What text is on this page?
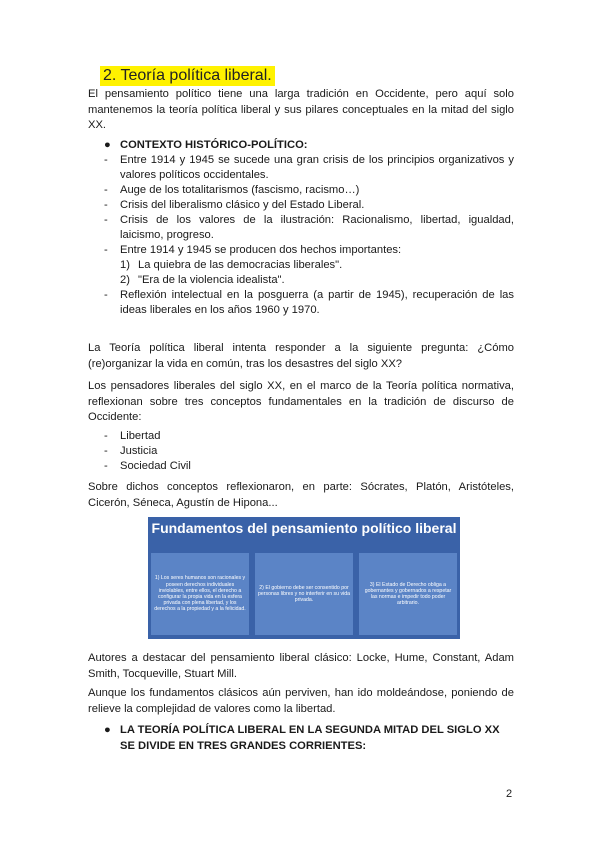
2. Teoría política liberal.
El pensamiento político tiene una larga tradición en Occidente, pero aquí solo mantenemos la teoría política liberal y sus pilares conceptuales en la mitad del siglo XX.
● CONTEXTO HISTÓRICO-POLÍTICO:
- Entre 1914 y 1945 se sucede una gran crisis de los principios organizativos y valores políticos occidentales.
- Auge de los totalitarismos (fascismo, racismo…)
- Crisis del liberalismo clásico y del Estado Liberal.
- Crisis de los valores de la ilustración: Racionalismo, libertad, igualdad, laicismo, progreso.
- Entre 1914 y 1945 se producen dos hechos importantes:
1) La quiebra de las democracias liberales".
2) "Era de la violencia idealista".
- Reflexión intelectual en la posguerra (a partir de 1945), recuperación de las ideas liberales en los años 1960 y 1970.
La Teoría política liberal intenta responder a la siguiente pregunta: ¿Cómo (re)organizar la vida en común, tras los desastres del siglo XX?
Los pensadores liberales del siglo XX, en el marco de la Teoría política normativa, reflexionan sobre tres conceptos fundamentales en la tradición de discurso de Occidente:
- Libertad
- Justicia
- Sociedad Civil
Sobre dichos conceptos reflexionaron, en parte: Sócrates, Platón, Aristóteles, Cicerón, Séneca, Agustín de Hipona...
Fundamentos del pensamiento político liberal
1) Los seres humanos son racionales y poseen derechos individuales inviolables, entre ellos, el derecho a configurar la propia vida en la esfera privada con plena libertad, y los derechos a la propiedad y a la felicidad.
2) El gobierno debe ser consentido por personas libres y no interferir en su vida privada.
3) El Estado de Derecho obliga a gobernantes y gobernados a respetar las normas e impedir todo poder arbitrario.
Autores a destacar del pensamiento liberal clásico: Locke, Hume, Constant, Adam Smith, Tocqueville, Stuart Mill.
Aunque los fundamentos clásicos aún perviven, han ido moldeándose, poniendo de relieve la complejidad de valores como la libertad.
● LA TEORÍA POLÍTICA LIBERAL EN LA SEGUNDA MITAD DEL SIGLO XX SE DIVIDE EN TRES GRANDES CORRIENTES:
2
